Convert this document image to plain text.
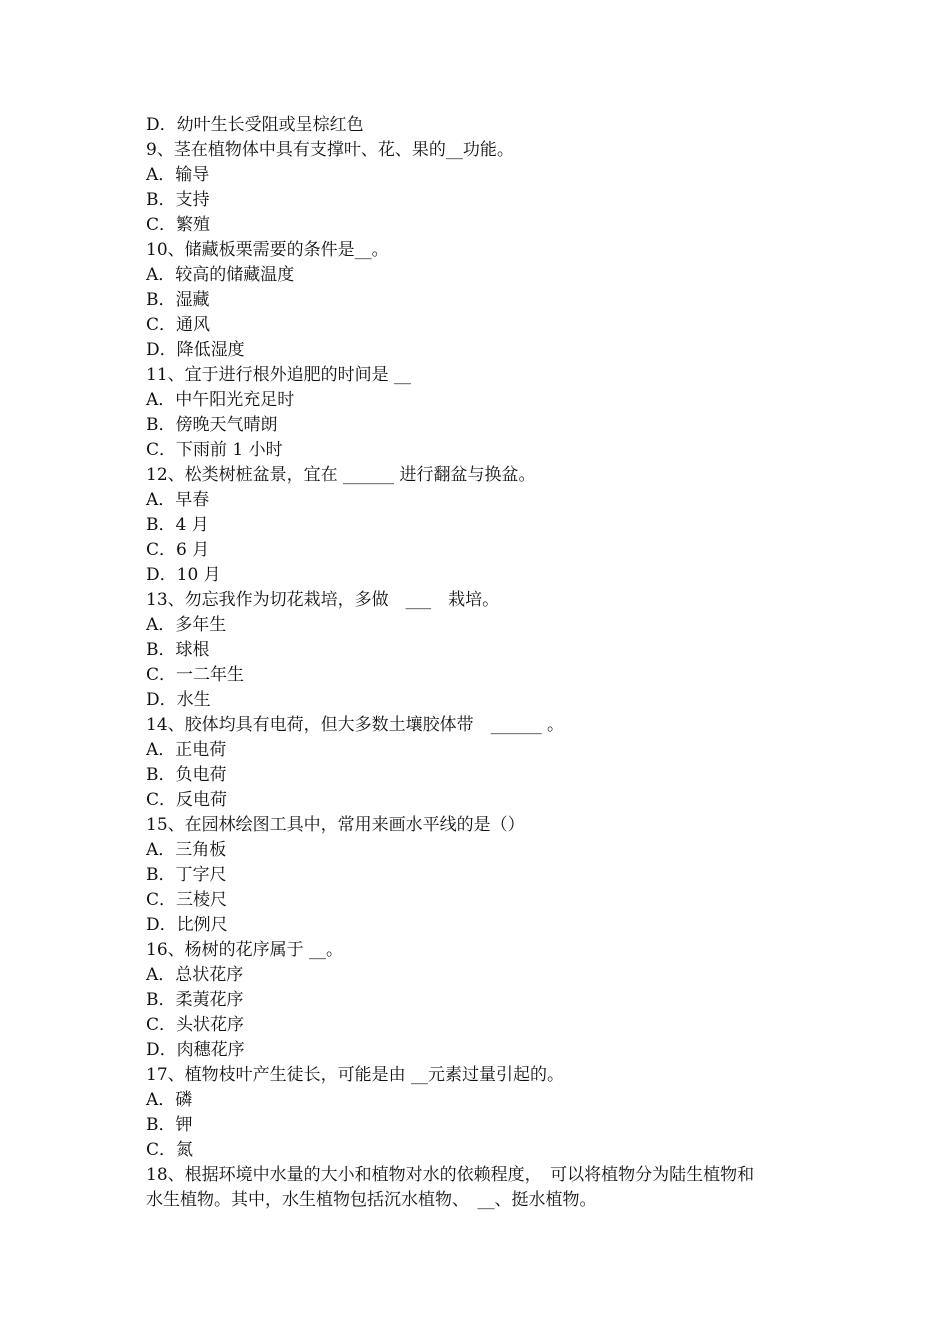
D．幼叶生长受阻或呈棕红色
9、茎在植物体中具有支撑叶、花、果的__功能。
A．输导
B．支持
C．繁殖
10、储藏板栗需要的条件是__。
A．较高的储藏温度
B．湿藏
C．通风
D．降低湿度
11、宜于进行根外追肥的时间是 __
A．中午阳光充足时
B．傍晚天气晴朗
C．下雨前 1 小时
12、松类树桩盆景，宜在 ______ 进行翻盆与换盆。
A．早春
B．4 月
C．6 月
D．10 月
13、勿忘我作为切花栽培，多做　___　栽培。
A．多年生
B．球根
C．一二年生
D．水生
14、胶体均具有电荷，但大多数土壤胶体带　______ 。
A．正电荷
B．负电荷
C．反电荷
15、在园林绘图工具中，常用来画水平线的是（）
A．三角板
B．丁字尺
C．三棱尺
D．比例尺
16、杨树的花序属于 __。
A．总状花序
B．柔荑花序
C．头状花序
D．肉穗花序
17、植物枝叶产生徒长，可能是由 __元素过量引起的。
A．磷
B．钾
C．氮
18、根据环境中水量的大小和植物对水的依赖程度，　可以将植物分为陆生植物和
水生植物。其中，水生植物包括沉水植物、　__、挺水植物。
